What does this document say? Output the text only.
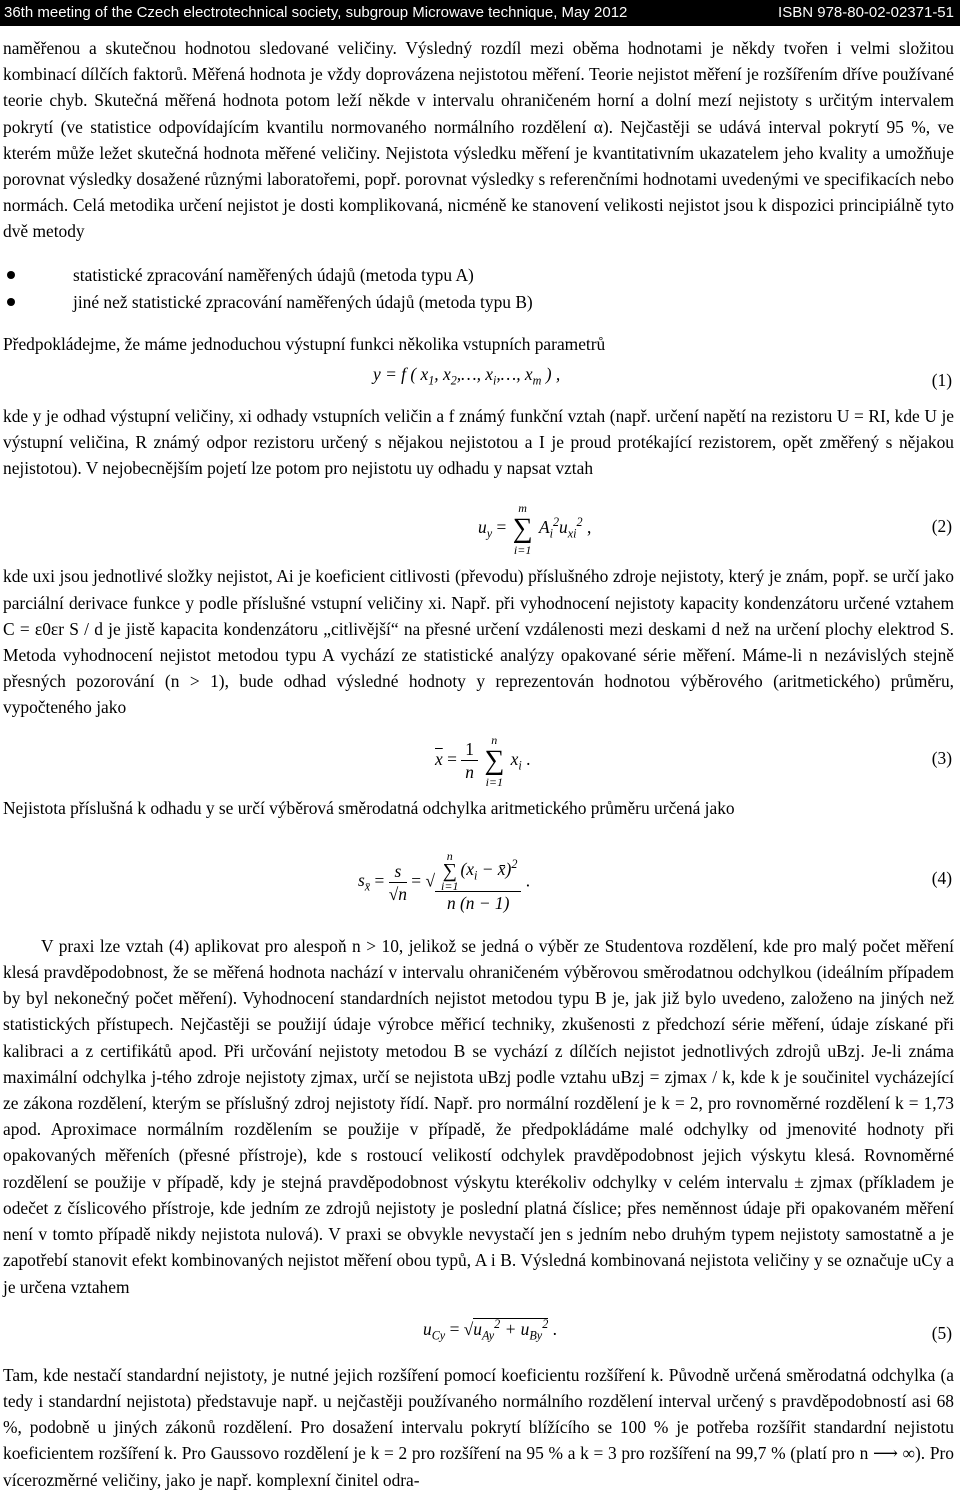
36th meeting of the Czech electrotechnical society, subgroup Microwave technique, May 2012	ISBN 978-80-02-02371-51

naměřenou a skutečnou hodnotou sledované veličiny. Výsledný rozdíl mezi oběma hodnotami je někdy tvořen i velmi složitou kombinací dílčích faktorů. Měřená hodnota je vždy doprovázena nejistotou měření. Teorie nejistot měření je rozšířením dříve používané teorie chyb. Skutečná měřená hodnota potom leží někde v intervalu ohraničeném horní a dolní mezí nejistoty s určitým intervalem pokrytí (ve statistice odpovídajícím kvantilu normovaného normálního rozdělení α). Nejčastěji se udává interval pokrytí 95 %, ve kterém může ležet skutečná hodnota měřené veličiny. Nejistota výsledku měření je kvantitativním ukazatelem jeho kvality a umožňuje porovnat výsledky dosažené různými laboratořemi, popř. porovnat výsledky s referenčními hodnotami uvedenými ve specifikacích nebo normách. Celá metodika určení nejistot je dosti komplikovaná, nicméně ke stanovení velikosti nejistot jsou k dispozici principiálně tyto dvě metody

statistické zpracování naměřených údajů (metoda typu A)
jiné než statistické zpracování naměřených údajů (metoda typu B)

Předpokládejme, že máme jednoduchou výstupní funkci několika vstupních parametrů

y = f ( $x_1$, $x_2,\dots$, $x_i,\dots$, $x_m$ ) ,	(1)

kde y je odhad výstupní veličiny, xi odhady vstupních veličin a f známý funkční vztah (např. určení napětí na rezistoru U = RI, kde U je výstupní veličina, R známý odpor rezistoru určený s nějakou nejistotou a I je proud protékající rezistorem, opět změřený s nějakou nejistotou). V nejobecnějším pojetí lze potom pro nejistotu uy odhadu y napsat vztah

$u_y$ =
m
∑
i=1
$A_i^2u_{xi}^2$ ,	(2)

kde uxi jsou jednotlivé složky nejistot, Ai je koeficient citlivosti (převodu) příslušného zdroje nejistoty, který je znám, popř. se určí jako parciální derivace funkce y podle příslušné vstupní veličiny xi. Např. při vyhodnocení nejistoty kapacity kondenzátoru určené vztahem C = ε0εr S / d je jistě kapacita kondenzátoru „citlivější“ na přesné určení vzdálenosti mezi deskami d než na určení plochy elektrod S. Metoda vyhodnocení nejistot metodou typu A vychází ze statistické analýzy opakované série měření. Máme-li n nezávislých stejně přesných pozorování (n > 1), bude odhad výsledné hodnoty y reprezentován hodnotou výběrového (aritmetického) průměru, vypočteného jako

$\overline{x} = \frac{1}{n}$
	n
∑
i=1
$x_i$ .	(3)

Nejistota příslušná k odhadu y se určí výběrová směrodatná odchylka aritmetického průměru určená jako

$s_{x̄} = \frac{s}{√n}$ = √ n
∑
i=1
($x_i$ − x̄)$^2$
n (n − 1) .	(4)

V praxi lze vztah (4) aplikovat pro alespoň n > 10, jelikož se jedná o výběr ze Studentova rozdělení, kde pro malý počet měření klesá pravděpodobnost, že se měřená hodnota nachází v intervalu ohraničeném výběrovou směrodatnou odchylkou (ideálním případem by byl nekonečný počet měření). Vyhodnocení standardních nejistot metodou typu B je, jak již bylo uvedeno, založeno na jiných než statistických přístupech. Nejčastěji se použijí údaje výrobce měřicí techniky, zkušenosti z předchozí série měření, údaje získané při kalibraci a z certifikátů apod. Při určování nejistoty metodou B se vychází z dílčích nejistot jednotlivých zdrojů uBzj. Je-li známa maximální odchylka j-tého zdroje nejistoty zjmax, určí se nejistota uBzj podle vztahu uBzj = zjmax / k, kde k je součinitel vycházející ze zákona rozdělení, kterým se příslušný zdroj nejistoty řídí. Např. pro normální rozdělení je k = 2, pro rovnoměrné rozdělení k = 1,73 apod. Aproximace normálním rozdělením se použije v případě, že předpokládáme malé odchylky od jmenovité hodnoty při opakovaných měřeních (přesné přístroje), kde s rostoucí velikostí odchylek pravděpodobnost jejich výskytu klesá. Rovnoměrné rozdělení se použije v případě, kdy je stejná pravděpodobnost výskytu kterékoliv odchylky v celém intervalu ± zjmax (příkladem je odečet z číslicového přístroje, kde jedním ze zdrojů nejistoty je poslední platná číslice; přes neměnnost údaje při opakovaném měření není v tomto případě nikdy nejistota nulová). V praxi se obvykle nevystačí jen s jedním nebo druhým typem nejistoty samostatně a je zapotřebí stanovit efekt kombinovaných nejistot měření obou typů, A i B. Výsledná kombinovaná nejistota veličiny y se označuje uCy a je určena vztahem

$u_{Cy} = √u_{Ay}^2 + u_{By}^2$ .	(5)

Tam, kde nestačí standardní nejistoty, je nutné jejich rozšíření pomocí koeficientu rozšíření k. Původně určená směrodatná odchylka (a tedy i standardní nejistota) představuje např. u nejčastěji používaného normálního rozdělení interval určený s pravděpodobností asi 68 %, podobně u jiných zákonů rozdělení. Pro dosažení intervalu pokrytí blížícího se 100 % je potřeba rozšířit standardní nejistotu koeficientem rozšíření k. Pro Gaussovo rozdělení je k = 2 pro rozšíření na 95 % a k = 3 pro rozšíření na 99,7 % (platí pro n ⟶ ∞). Pro vícerozměrné veličiny, jako je např. komplexní činitel odra-
